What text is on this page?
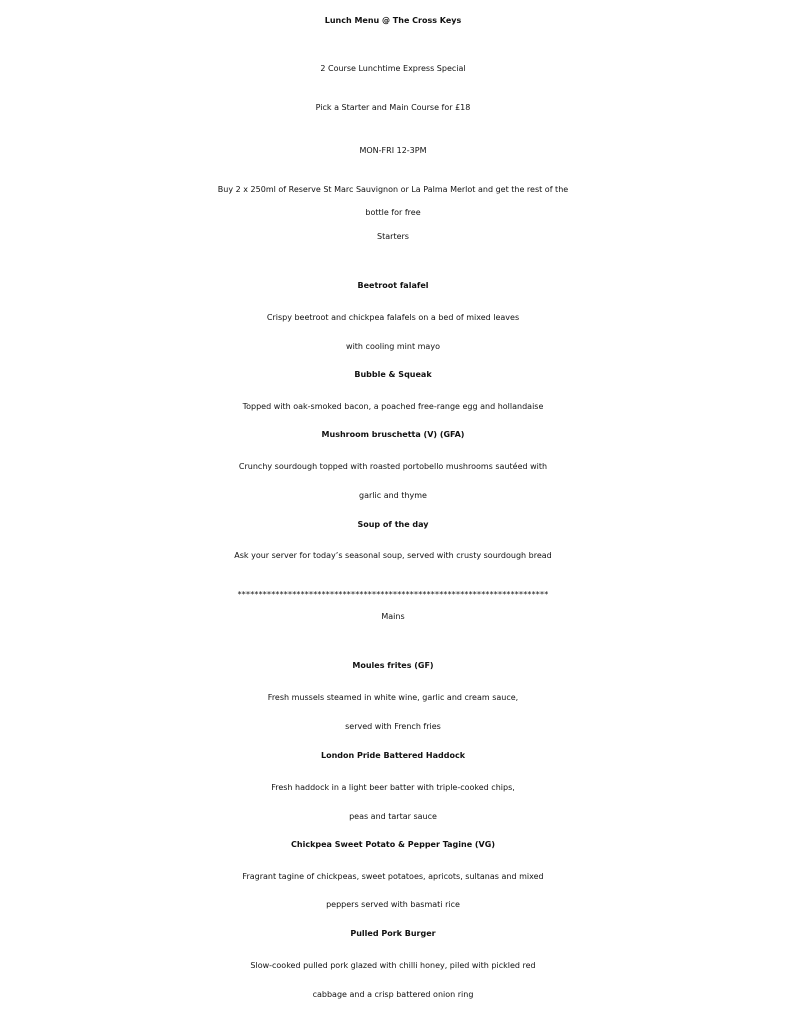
Lunch Menu @ The Cross Keys

2 Course Lunchtime Express Special

Pick a Starter and Main Course for £18

MON-FRI 12-3PM

Buy 2 x 250ml of Reserve St Marc Sauvignon or La Palma Merlot and get the rest of the

bottle for free

Starters

Beetroot falafel

Crispy beetroot and chickpea falafels on a bed of mixed leaves

with cooling mint mayo

Bubble & Squeak

Topped with oak-smoked bacon, a poached free-range egg and hollandaise

Mushroom bruschetta (V) (GFA)

Crunchy sourdough topped with roasted portobello mushrooms sautéed with

garlic and thyme

Soup of the day

Ask your server for today’s seasonal soup, served with crusty sourdough bread

**************************************************************************

Mains

Moules frites (GF)

Fresh mussels steamed in white wine, garlic and cream sauce,

served with French fries

London Pride Battered Haddock

Fresh haddock in a light beer batter with triple-cooked chips,

peas and tartar sauce

Chickpea Sweet Potato & Pepper Tagine (VG)

Fragrant tagine of chickpeas, sweet potatoes, apricots, sultanas and mixed

peppers served with basmati rice

Pulled Pork Burger

Slow-cooked pulled pork glazed with chilli honey, piled with pickled red

cabbage and a crisp battered onion ring
